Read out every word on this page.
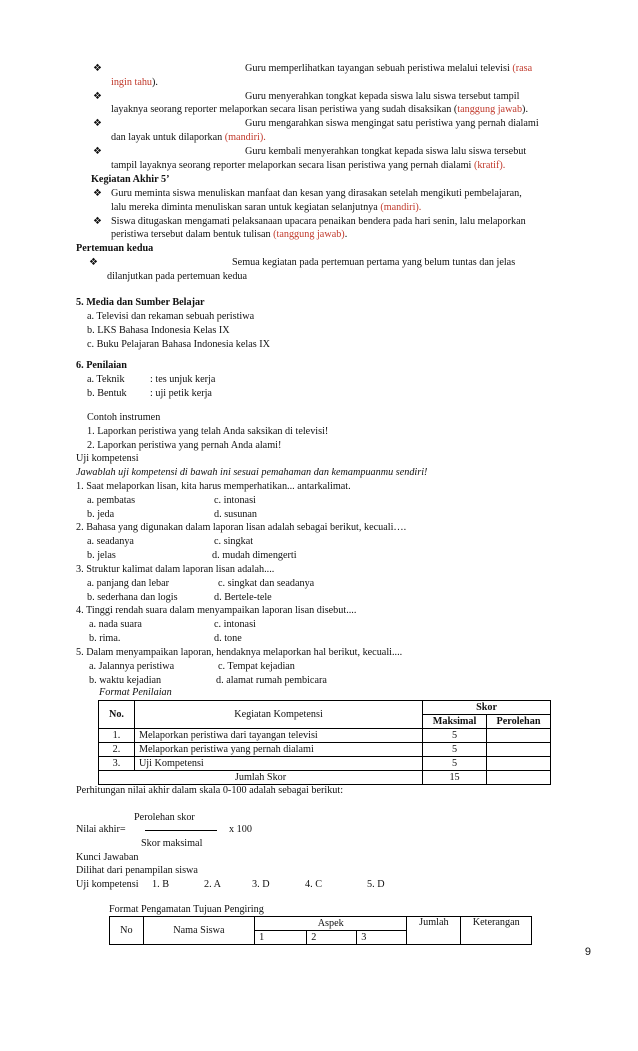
❖	Guru memperlihatkan tayangan sebuah peristiwa melalui televisi (rasa
ingin tahu).
❖	Guru menyerahkan tongkat kepada siswa lalu siswa tersebut tampil
layaknya seorang reporter melaporkan secara lisan peristiwa yang sudah disaksikan (tanggung jawab).
❖	Guru mengarahkan siswa mengingat satu peristiwa yang pernah dialami
dan layak untuk dilaporkan (mandiri).
❖	Guru kembali menyerahkan tongkat kepada siswa lalu siswa tersebut
tampil layaknya seorang reporter melaporkan secara lisan peristiwa yang pernah dialami (kratif).
Kegiatan Akhir 5’
❖ Guru meminta siswa menuliskan manfaat dan kesan yang dirasakan setelah mengikuti pembelajaran,
lalu mereka diminta menuliskan saran untuk kegiatan selanjutnya (mandiri).
❖ Siswa ditugaskan mengamati pelaksanaan upacara penaikan bendera pada hari senin, lalu melaporkan
peristiwa tersebut dalam bentuk tulisan (tanggung jawab).
Pertemuan kedua
❖	Semua kegiatan pada pertemuan pertama yang belum tuntas dan jelas
dilanjutkan pada pertemuan kedua
5. Media dan Sumber Belajar
a. Televisi dan rekaman sebuah peristiwa
b. LKS Bahasa Indonesia Kelas IX
c. Buku Pelajaran Bahasa Indonesia kelas IX
6. Penilaian
a. Teknik : tes unjuk kerja
b. Bentuk : uji petik kerja
Contoh instrumen
1. Laporkan peristiwa yang telah Anda saksikan di televisi!
2. Laporkan peristiwa yang pernah Anda alami!
Uji kompetensi
Jawablah uji kompetensi di bawah ini sesuai pemahaman dan kemampuanmu sendiri!
1. Saat melaporkan lisan, kita harus memperhatikan... antarkalimat.
a. pembatas	c. intonasi
b. jeda	d. susunan
2. Bahasa yang digunakan dalam laporan lisan adalah sebagai berikut, kecuali….
a. seadanya	c. singkat
b. jelas	d. mudah dimengerti
3. Struktur kalimat dalam laporan lisan adalah....
a. panjang dan lebar	c. singkat dan seadanya
b. sederhana dan logis	d. Bertele-tele
4. Tinggi rendah suara dalam menyampaikan laporan lisan disebut....
a. nada suara	c. intonasi
b. rima.	d. tone
5. Dalam menyampaikan laporan, hendaknya melaporkan hal berikut, kecuali....
a. Jalannya peristiwa	c. Tempat kejadian
b. waktu kejadian	d. alamat rumah pembicara
Format Penilaian
No.	Kegiatan Kompetensi	Skor	
		Maksimal	Perolehan
1.	Melaporkan peristiwa dari tayangan televisi	5	
2.	Melaporkan peristiwa yang pernah dialami	5	
3.	Uji Kompetensi	5	
Jumlah Skor		15	
Perhitungan nilai akhir dalam skala 0-100 adalah sebagai berikut:
Perolehan skor
Nilai akhir=	x 100
Skor maksimal
Kunci Jawaban
Dilihat dari penampilan siswa
Uji kompetensi 1. B	2. A	3. D	4. C	5. D
Format Pengamatan Tujuan Pengiring
No	Nama Siswa	Aspek			Jumlah	Keterangan
		1	2	3		
9
